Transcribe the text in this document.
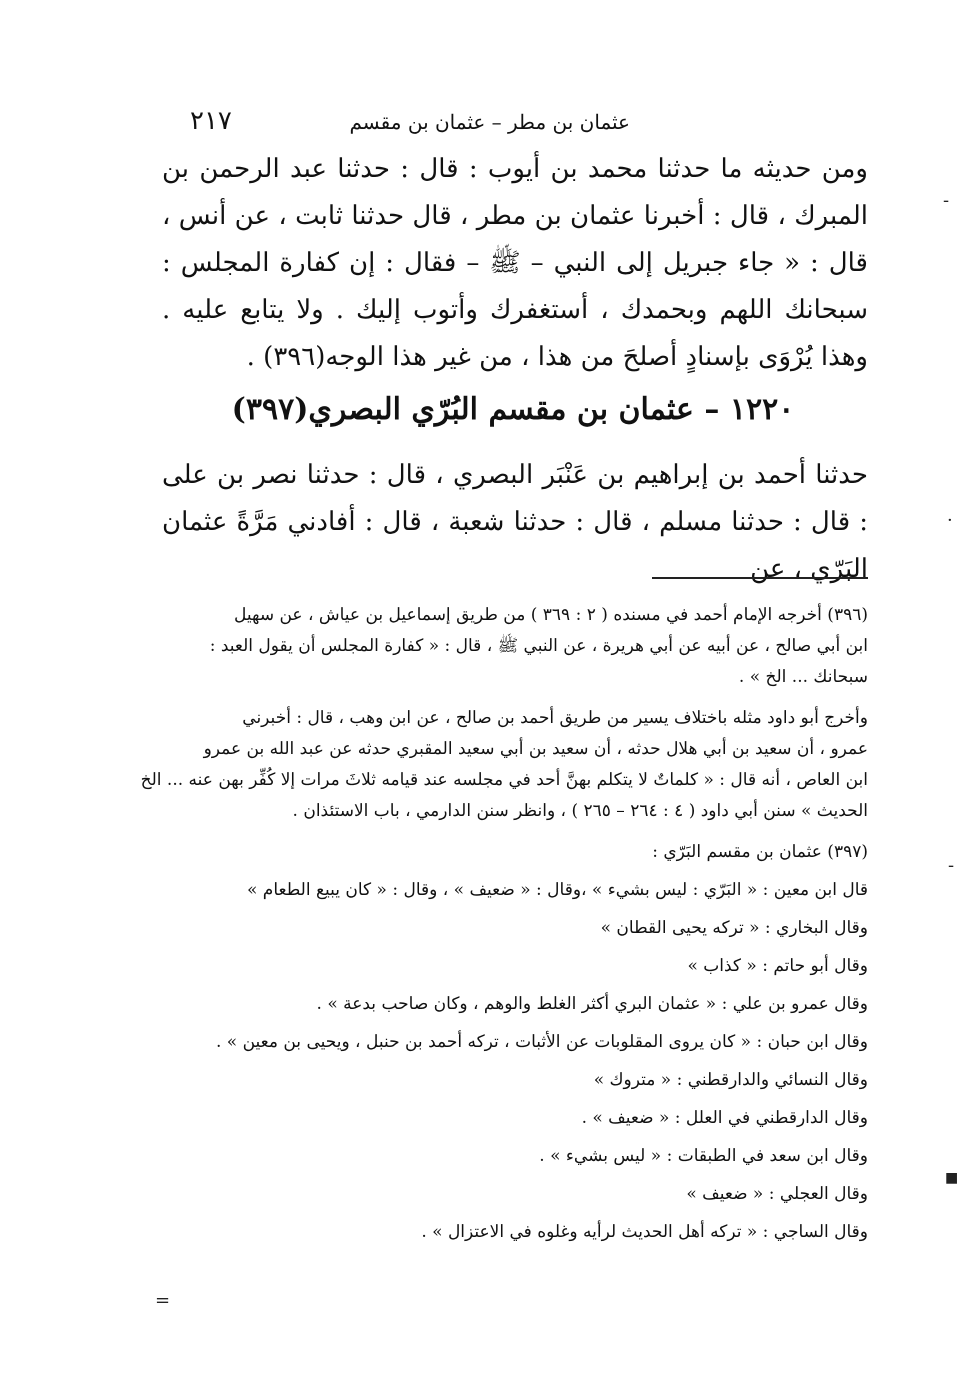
عثمان بن مطر – عثمان بن مقسم
٢١٧

ومن حديثه ما حدثنا محمد بن أيوب : قال : حدثنا عبد الرحمن بن المبرك ، قال : أخبرنا عثمان بن مطر ، قال حدثنا ثابت ، عن أنس ، قال : « جاء جبريل إلى النبي – ﷺ – فقال : إن كفارة المجلس : سبحانك اللهم وبحمدك ، أستغفرك وأتوب إليك . ولا يتابع عليه . وهذا يُرْوَى بإسنادٍ أصلحَ من هذا ، من غير هذا الوجه(٣٩٦) .

١٢٢٠ – عثمان بن مقسم البُرّي البصري(٣٩٧)

حدثنا أحمد بن إبراهيم بن عَنْبَر البصري ، قال : حدثنا نصر بن على : قال : حدثنا مسلم ، قال : حدثنا شعبة ، قال : أفادني مَرَّةً عثمان البَرّي ، عن

(٣٩٦) أخرجه الإمام أحمد في مسنده ( ٢ : ٣٦٩ ) من طريق إسماعيل بن عياش ، عن سهيل

ابن أبي صالح ، عن أبيه عن أبي هريرة ، عن النبي ﷺ ، قال : « كفارة المجلس أن يقول العبد :

سبحانك ... الخ » .

وأخرج أبو داود مثله باختلاف يسير من طريق أحمد بن صالح ، عن ابن وهب ، قال : أخبرني

عمرو ، أن سعيد بن أبي هلال حدثه ، أن سعيد بن أبي سعيد المقبري حدثه عن عبد الله بن عمرو

ابن العاص ، أنه قال : « كلماتٌ لا يتكلم بهنَّ أحد في مجلسه عند قيامه ثلاثَ مرات إلا كُفِّر بهن عنه ... الخ

الحديث » سنن أبي داود ( ٤ : ٢٦٤ – ٢٦٥ ) ، وانظر سنن الدارمي ، باب الاستئذان .

(٣٩٧) عثمان بن مقسم البَرّي :

قال ابن معين : « البَرّي : ليس بشيء » ،وقال : « ضعيف » ، وقال : « كان يبيع الطعام »

وقال البخاري : « تركه يحيى القطان »

وقال أبو حاتم : « كذاب »

وقال عمرو بن علي : « عثمان البري أكثر الغلط والوهم ، وكان صاحب بدعة » .

وقال ابن حبان : « كان يروى المقلوبات عن الأثبات ، تركه أحمد بن حنبل ، ويحيى بن معين » .

وقال النسائي والدارقطني : « متروك »

وقال الدارقطني في العلل : « ضعيف » .

وقال ابن سعد في الطبقات : « ليس بشيء » .

وقال العجلي : « ضعيف »

وقال الساجي : « تركه أهل الحديث لرأيه وغلوه في الاعتزال » .

-
·
-
■
=
